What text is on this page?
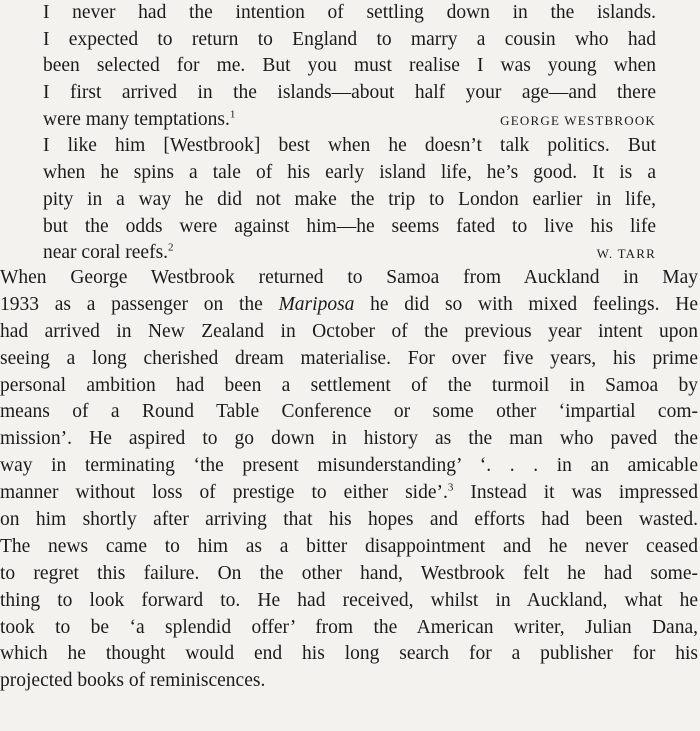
I never had the intention of settling down in the islands.
I expected to return to England to marry a cousin who had
been selected for me. But you must realise I was young when
I first arrived in the islands—about half your age—and there
were many temptations.$^1$	GEORGE WESTBROOK
I like him [Westbrook] best when he doesn’t talk politics. But
when he spins a tale of his early island life, he’s good. It is a
pity in a way he did not make the trip to London earlier in life,
but the odds were against him—he seems fated to live his life
near coral reefs.$^2$	W. TARR
When George Westbrook returned to Samoa from Auckland in May
1933 as a passenger on the Mariposa he did so with mixed feelings. He
had arrived in New Zealand in October of the previous year intent upon
seeing a long cherished dream materialise. For over five years, his prime
personal ambition had been a settlement of the turmoil in Samoa by
means of a Round Table Conference or some other ‘impartial com-
mission’. He aspired to go down in history as the man who paved the
way in terminating ‘the present misunderstanding’ ‘. . . in an amicable
manner without loss of prestige to either side’.$^3$ Instead it was impressed
on him shortly after arriving that his hopes and efforts had been wasted.
The news came to him as a bitter disappointment and he never ceased
to regret this failure. On the other hand, Westbrook felt he had some-
thing to look forward to. He had received, whilst in Auckland, what he
took to be ‘a splendid offer’ from the American writer, Julian Dana,
which he thought would end his long search for a publisher for his
projected books of reminiscences.
